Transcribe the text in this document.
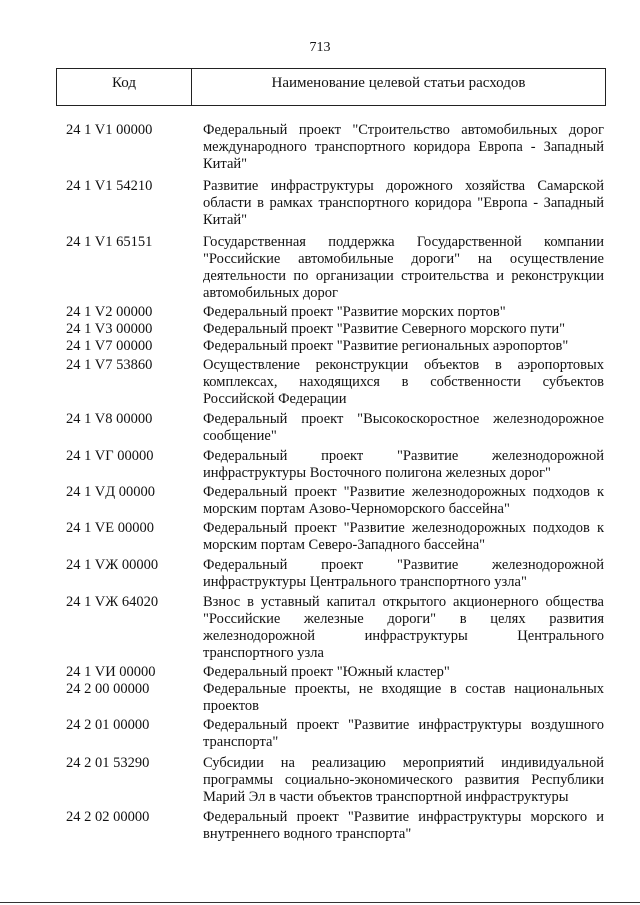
713
Код	Наименование целевой статьи расходов
24 1 V1 00000	Федеральный проект "Строительство автомобильных дорог международного транспортного коридора Европа - Западный Китай"
24 1 V1 54210	Развитие инфраструктуры дорожного хозяйства Самарской области в рамках транспортного коридора "Европа - Западный Китай"
24 1 V1 65151	Государственная поддержка Государственной компании "Российские автомобильные дороги" на осуществление деятельности по организации строительства и реконструкции автомобильных дорог
24 1 V2 00000	Федеральный проект "Развитие морских портов"
24 1 V3 00000	Федеральный проект "Развитие Северного морского пути"
24 1 V7 00000	Федеральный проект "Развитие региональных аэропортов"
24 1 V7 53860	Осуществление реконструкции объектов в аэропортовых комплексах, находящихся в собственности субъектов Российской Федерации
24 1 V8 00000	Федеральный проект "Высокоскоростное железнодорожное сообщение"
24 1 VГ 00000	Федеральный проект "Развитие железнодорожной инфраструктуры Восточного полигона железных дорог"
24 1 VД 00000	Федеральный проект "Развитие железнодорожных подходов к морским портам Азово-Черноморского бассейна"
24 1 VE 00000	Федеральный проект "Развитие железнодорожных подходов к морским портам Северо-Западного бассейна"
24 1 VЖ 00000	Федеральный проект "Развитие железнодорожной инфраструктуры Центрального транспортного узла"
24 1 VЖ 64020	Взнос в уставный капитал открытого акционерного общества "Российские железные дороги" в целях развития железнодорожной инфраструктуры Центрального транспортного узла
24 1 VИ 00000	Федеральный проект "Южный кластер"
24 2 00 00000	Федеральные проекты, не входящие в состав национальных проектов
24 2 01 00000	Федеральный проект "Развитие инфраструктуры воздушного транспорта"
24 2 01 53290	Субсидии на реализацию мероприятий индивидуальной программы социально-экономического развития Республики Марий Эл в части объектов транспортной инфраструктуры
24 2 02 00000	Федеральный проект "Развитие инфраструктуры морского и внутреннего водного транспорта"
